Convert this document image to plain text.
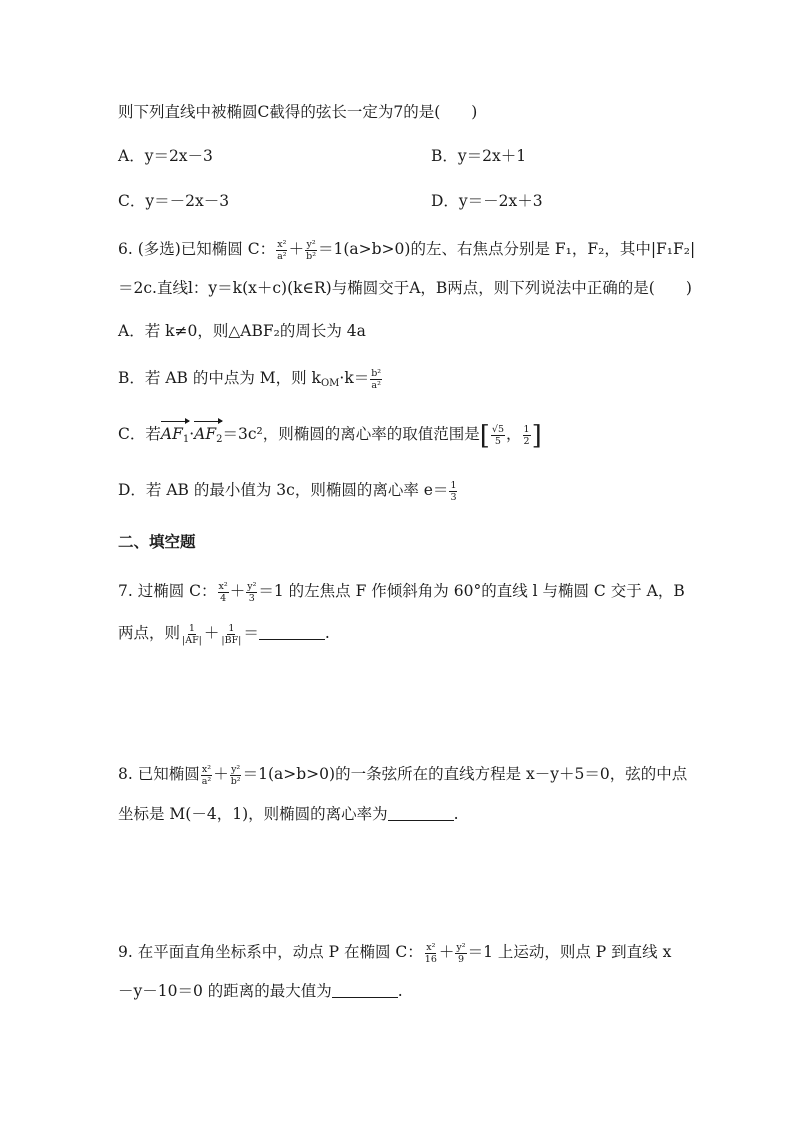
则下列直线中被椭圆C截得的弦长一定为7的是(　　)
A．y＝2x－3	B．y＝2x＋1
C．y＝－2x－3	D．y＝－2x＋3
6. (多选)已知椭圆 C： $\frac{\text{x²}}{\text{a²}} + \frac{\text{y²}}{\text{b²}} =1(a>b>0)$的左、右焦点分别是 F₁，F₂，其中|F₁F₂|
＝2c.直线l：y＝k(x＋c)(k∈R)与椭圆交于A，B两点，则下列说法中正确的是(　　)
A．若 k≠0，则△ABF₂的周长为 4a
B．若 AB 的中点为 M，则 $k_{OM}\cdot k= \frac{\text{b²}}{\text{a²}}$
C．若$AF_1\cdot AF_2=3c^2$，则椭圆的离心率的取值范围是[ $\frac{√5}{5}$ ， $\frac{1}{2}$ ]
D．若 AB 的最小值为 3c，则椭圆的离心率 $e= \frac{1}{3}$
二、填空题
7. 过椭圆 C： $\frac{\text{x²}}{4} + \frac{\text{y²}}{3} =1$ 的左焦点 F 作倾斜角为 60°的直线 l 与椭圆 C 交于 A，B
两点，则 $\frac{1}{|AF|} + \frac{1}{|BF|}$ ＝	.
8. 已知椭圆 $\frac{\text{x²}}{\text{a²}} + \frac{\text{y²}}{\text{b²}} =1(a>b>0)$的一条弦所在的直线方程是 x－y＋5＝0，弦的中点
坐标是 M(－4，1)，则椭圆的离心率为	.
9. 在平面直角坐标系中，动点 P 在椭圆 C： $\frac{\text{x²}}{16} + \frac{\text{y²}}{9} =1$ 上运动，则点 P 到直线 x
－y－10＝0 的距离的最大值为	.
